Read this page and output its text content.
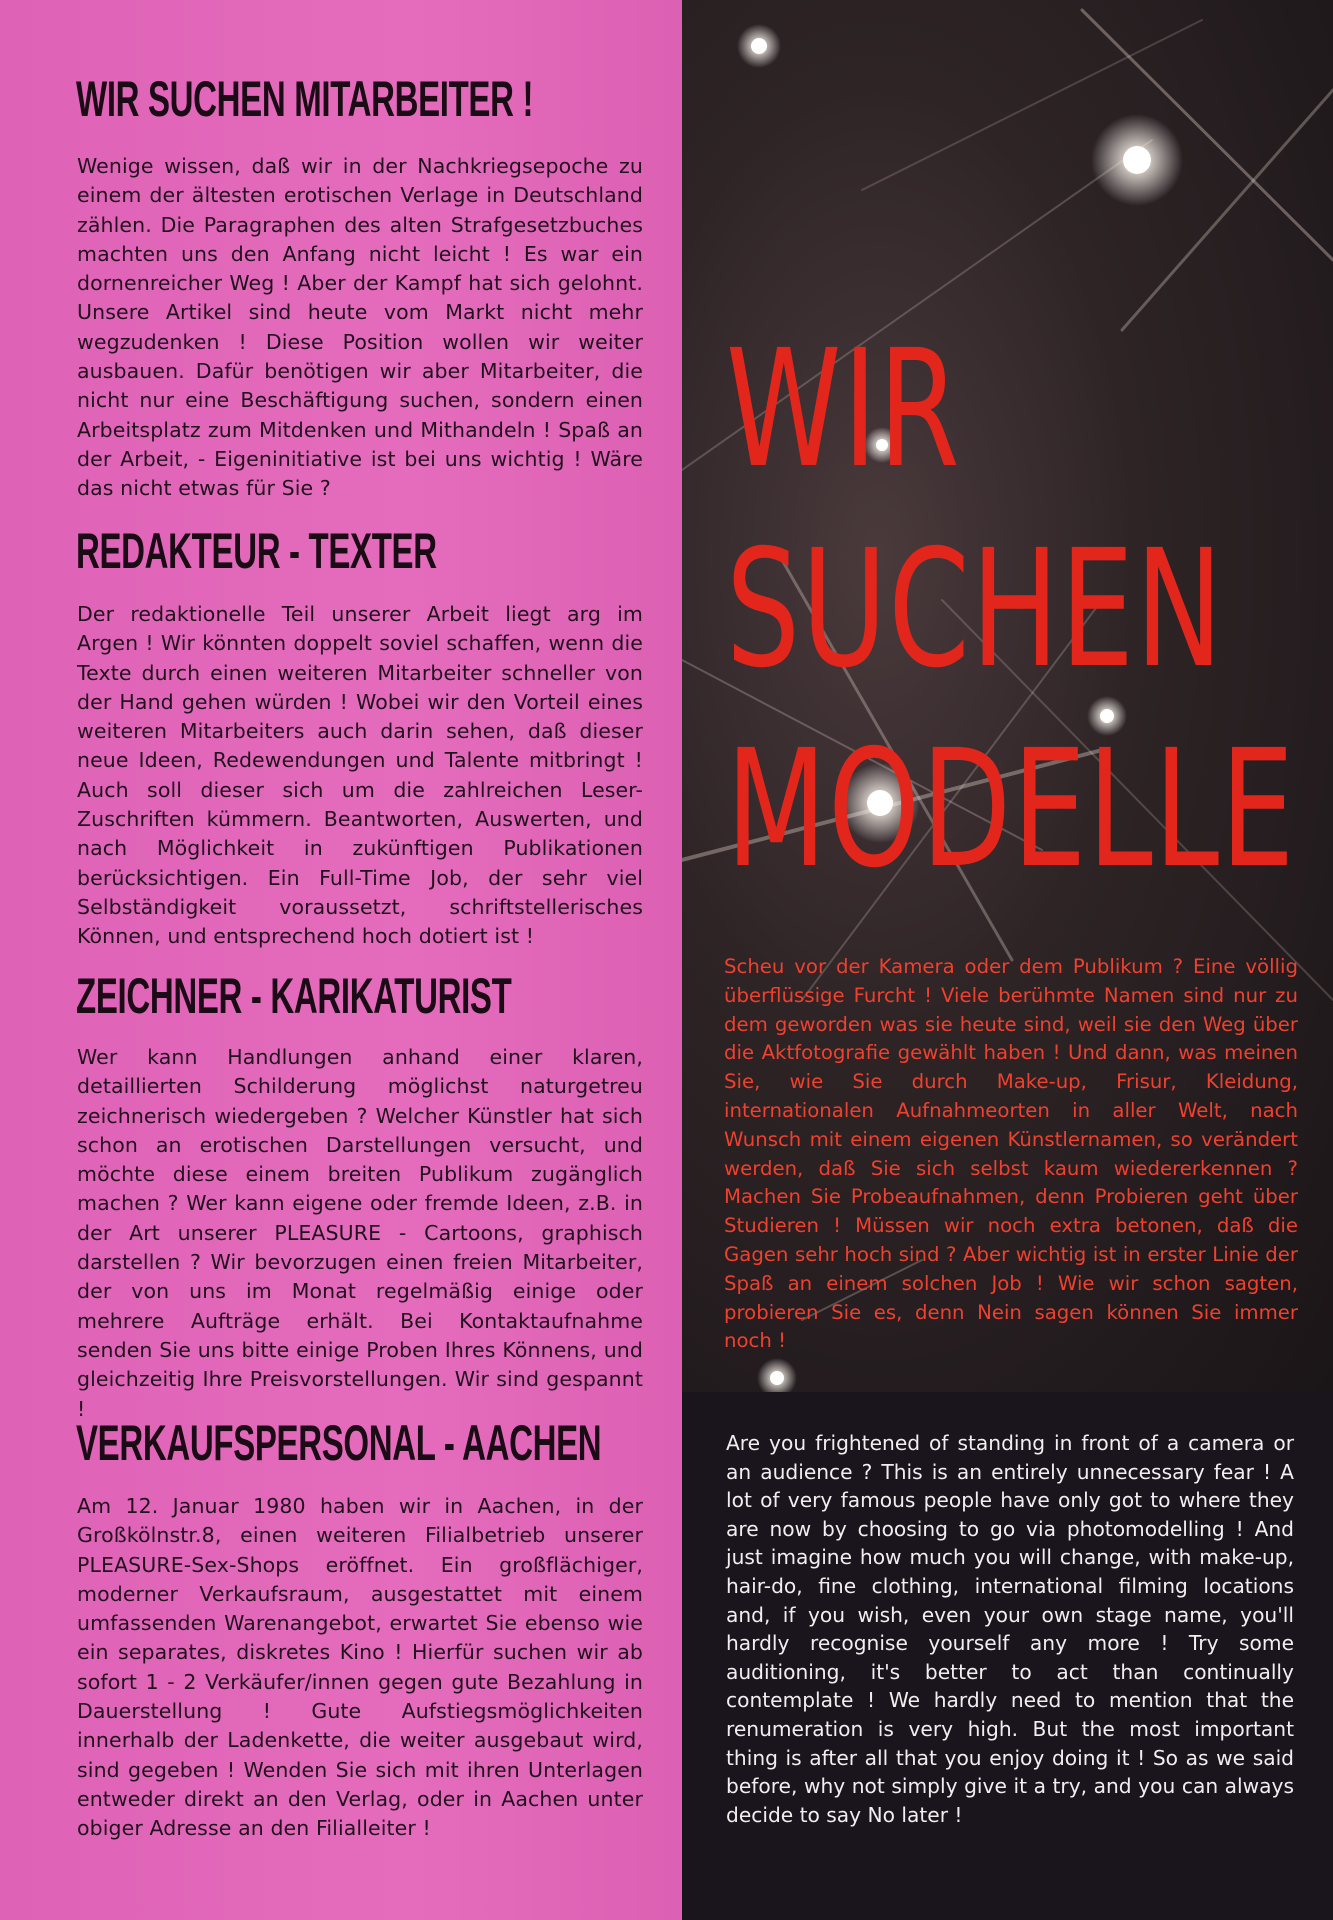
WIR SUCHEN MITARBEITER !

Wenige wissen, daß wir in der Nachkriegsepoche zu einem der ältesten erotischen Verlage in Deutschland zählen. Die Paragraphen des alten Strafgesetzbuches machten uns den Anfang nicht leicht ! Es war ein dornenreicher Weg ! Aber der Kampf hat sich gelohnt. Unsere Artikel sind heute vom Markt nicht mehr wegzudenken ! Diese Position wollen wir weiter ausbauen. Dafür benötigen wir aber Mitarbeiter, die nicht nur eine Beschäftigung suchen, sondern einen Arbeitsplatz zum Mitdenken und Mithandeln ! Spaß an der Arbeit, - Eigeninitiative ist bei uns wichtig ! Wäre das nicht etwas für Sie ?

REDAKTEUR - TEXTER

Der redaktionelle Teil unserer Arbeit liegt arg im Argen ! Wir könnten doppelt soviel schaffen, wenn die Texte durch einen weiteren Mitarbeiter schneller von der Hand gehen würden ! Wobei wir den Vorteil eines weiteren Mitarbeiters auch darin sehen, daß dieser neue Ideen, Redewendungen und Talente mitbringt ! Auch soll dieser sich um die zahlreichen Leser-Zuschriften kümmern. Beantworten, Auswerten, und nach Möglichkeit in zukünftigen Publikationen berücksichtigen. Ein Full-Time Job, der sehr viel Selbständigkeit voraussetzt, schriftstellerisches Können, und entsprechend hoch dotiert ist !

ZEICHNER - KARIKATURIST

Wer kann Handlungen anhand einer klaren, detaillierten Schilderung möglichst naturgetreu zeichnerisch wiedergeben ? Welcher Künstler hat sich schon an erotischen Darstellungen versucht, und möchte diese einem breiten Publikum zugänglich machen ? Wer kann eigene oder fremde Ideen, z.B. in der Art unserer PLEASURE - Cartoons, graphisch darstellen ? Wir bevorzugen einen freien Mitarbeiter, der von uns im Monat regelmäßig einige oder mehrere Aufträge erhält. Bei Kontaktaufnahme senden Sie uns bitte einige Proben Ihres Könnens, und gleichzeitig Ihre Preisvorstellungen. Wir sind gespannt !

VERKAUFSPERSONAL - AACHEN

Am 12. Januar 1980 haben wir in Aachen, in der Großkölnstr.8, einen weiteren Filialbetrieb unserer PLEASURE-Sex-Shops eröffnet. Ein großflächiger, moderner Verkaufsraum, ausgestattet mit einem umfassenden Warenangebot, erwartet Sie ebenso wie ein separates, diskretes Kino ! Hierfür suchen wir ab sofort 1 - 2 Verkäufer/innen gegen gute Bezahlung in Dauerstellung ! Gute Aufstiegsmöglichkeiten innerhalb der Ladenkette, die weiter ausgebaut wird, sind gegeben ! Wenden Sie sich mit ihren Unterlagen entweder direkt an den Verlag, oder in Aachen unter obiger Adresse an den Filialleiter !

WIR
SUCHEN
MODELLE

Scheu vor der Kamera oder dem Publikum ? Eine völlig überflüssige Furcht ! Viele berühmte Namen sind nur zu dem geworden was sie heute sind, weil sie den Weg über die Aktfotografie gewählt haben ! Und dann, was meinen Sie, wie Sie durch Make-up, Frisur, Kleidung, internationalen Aufnahmeorten in aller Welt, nach Wunsch mit einem eigenen Künstlernamen, so verändert werden, daß Sie sich selbst kaum wiedererkennen ? Machen Sie Probeaufnahmen, denn Probieren geht über Studieren ! Müssen wir noch extra betonen, daß die Gagen sehr hoch sind ? Aber wichtig ist in erster Linie der Spaß an einem solchen Job ! Wie wir schon sagten, probieren Sie es, denn Nein sagen können Sie immer noch !

Are you frightened of standing in front of a camera or an audience ? This is an entirely unnecessary fear ! A lot of very famous people have only got to where they are now by choosing to go via photomodelling ! And just imagine how much you will change, with make-up, hair-do, fine clothing, international filming locations and, if you wish, even your own stage name, you'll hardly recognise yourself any more ! Try some auditioning, it's better to act than continually contemplate ! We hardly need to mention that the renumeration is very high. But the most important thing is after all that you enjoy doing it ! So as we said before, why not simply give it a try, and you can always decide to say No later !
